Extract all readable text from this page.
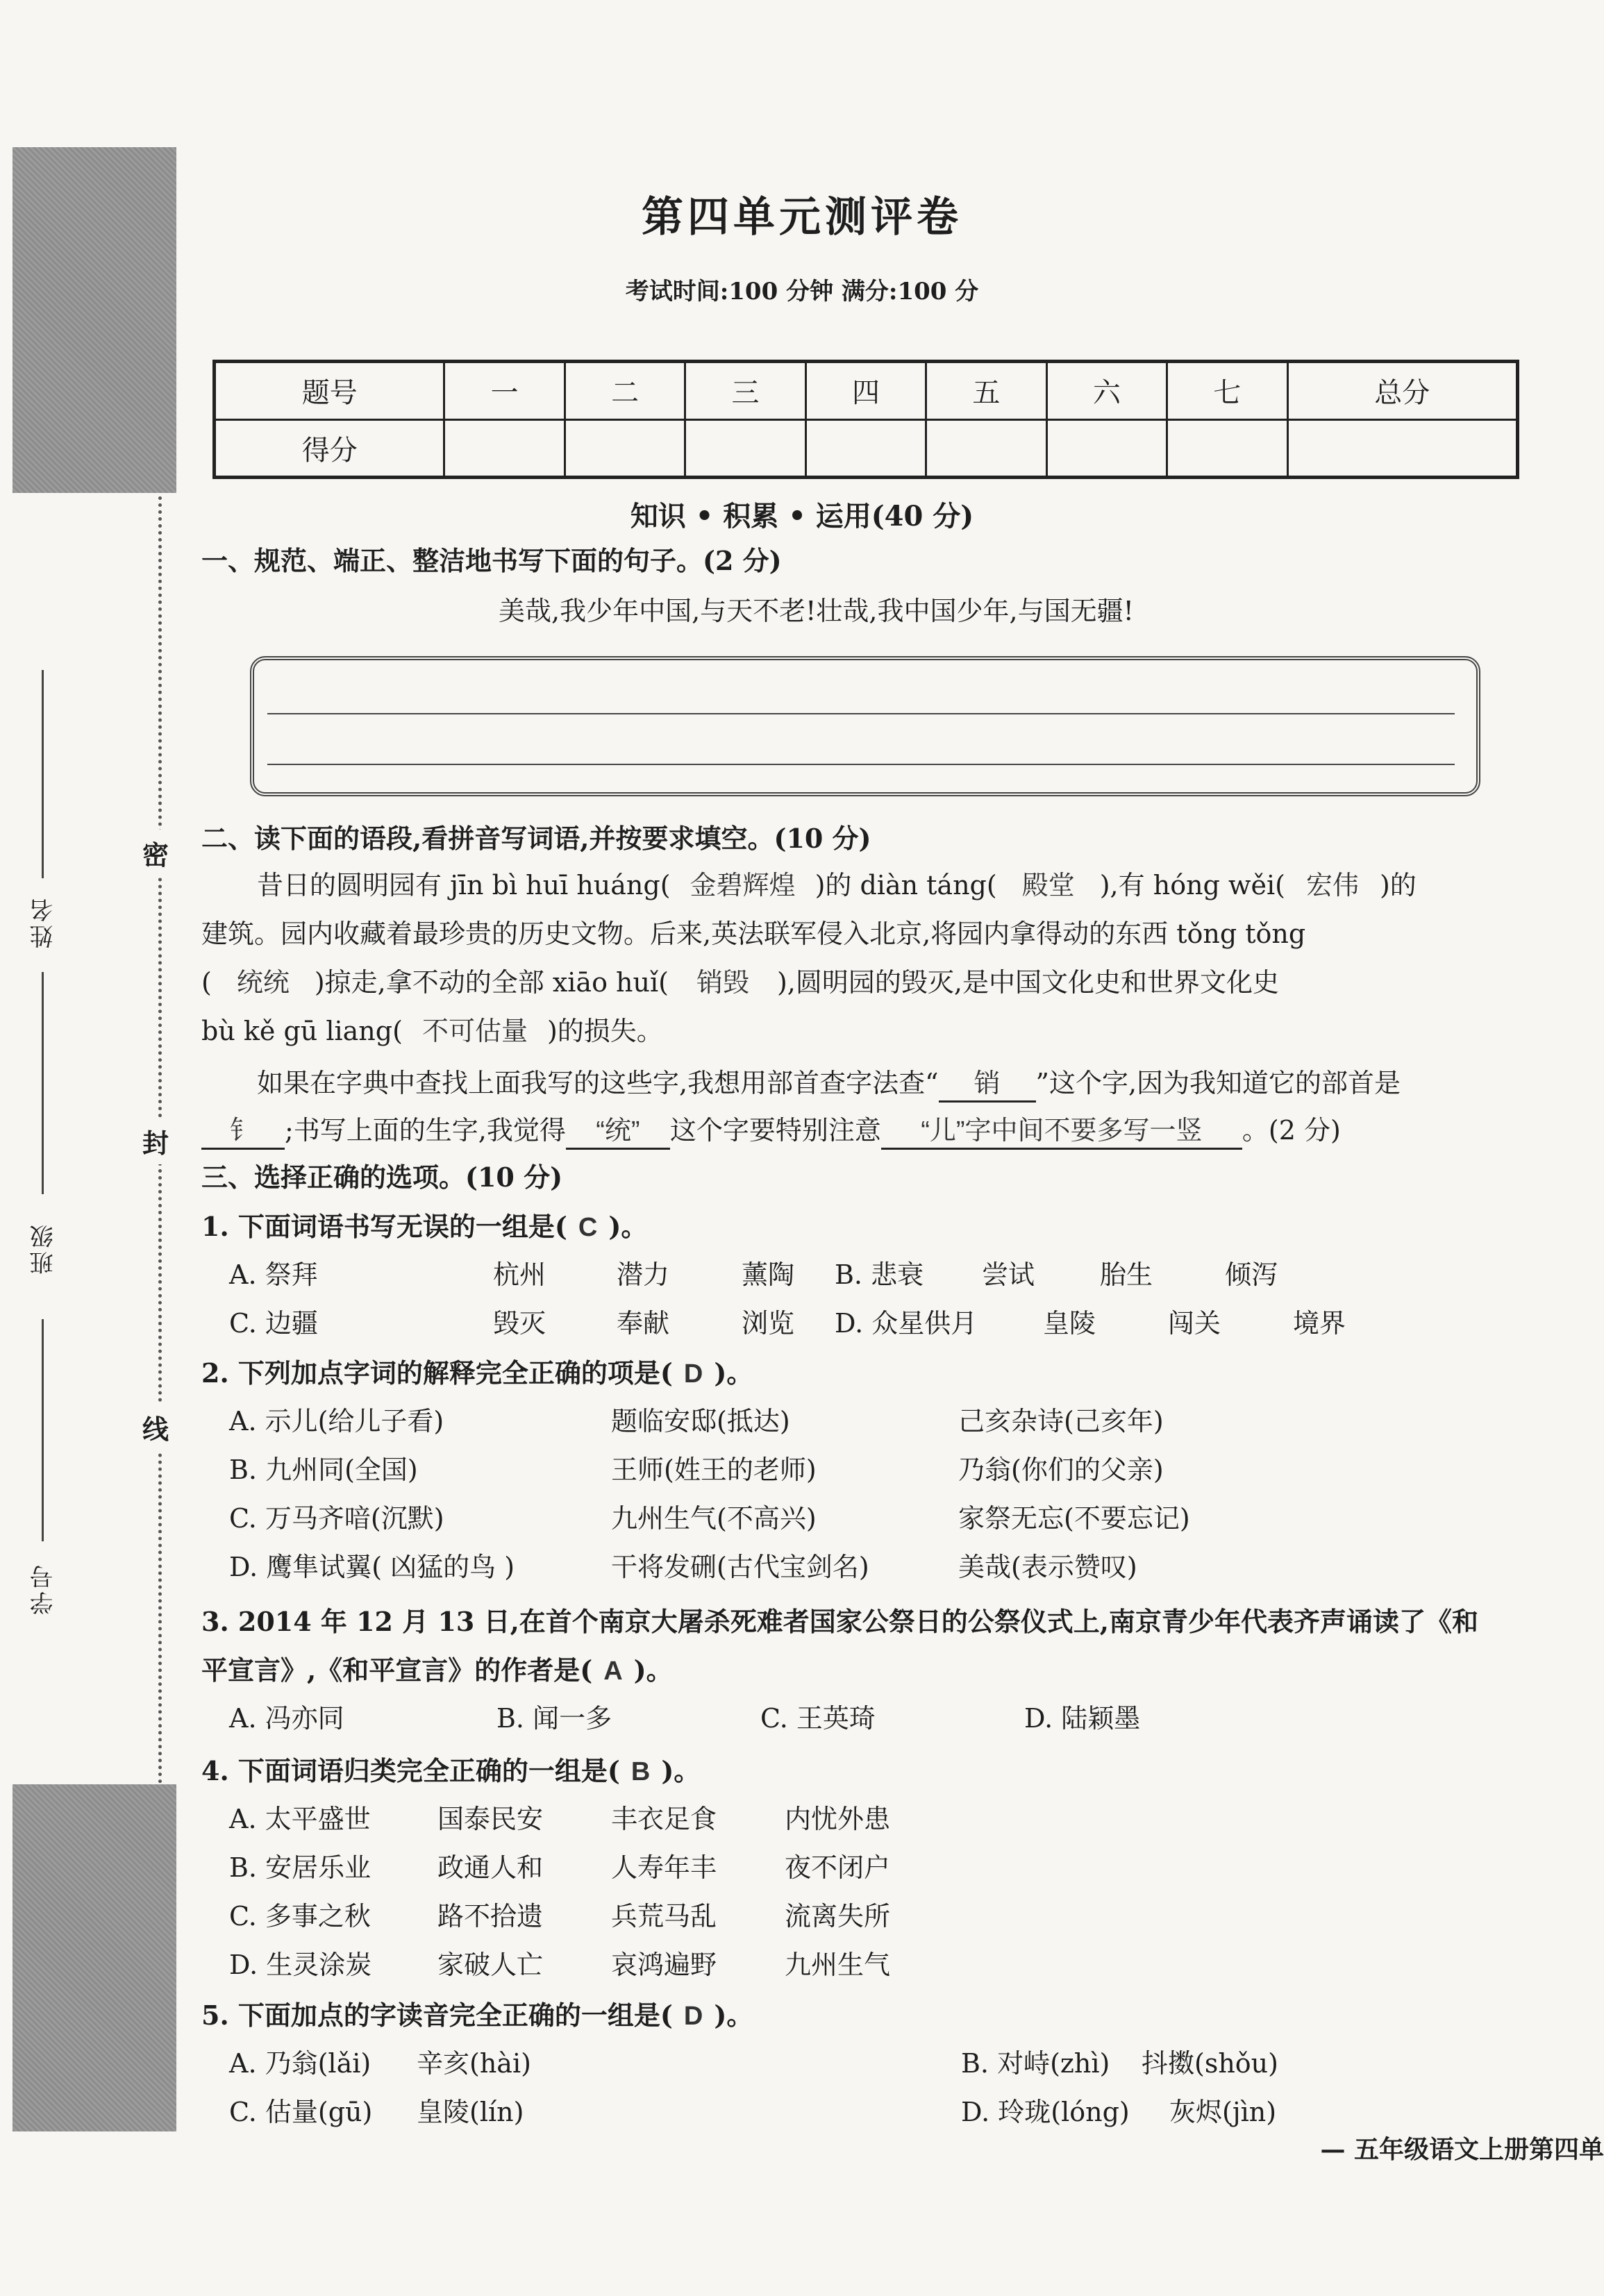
密
封
线
姓名
班级
学号
第四单元测评卷
考试时间:100 分钟 满分:100 分
题号	一	二	三	四	五	六	七	总分
得分								
知识 • 积累 • 运用(40 分)
一、规范、端正、整洁地书写下面的句子。(2 分)
美哉,我少年中国,与天不老!壮哉,我中国少年,与国无疆!
二、读下面的语段,看拼音写词语,并按要求填空。(10 分)
昔日的圆明园有 jīn bì huī huáng( 金碧辉煌 )的 diàn táng( 殿堂 ),有 hóng wěi( 宏伟 )的
建筑。园内收藏着最珍贵的历史文物。后来,英法联军侵入北京,将园内拿得动的东西 tǒng tǒng
( 统统 )掠走,拿不动的全部 xiāo huǐ( 销毁 ),圆明园的毁灭,是中国文化史和世界文化史
bù kě gū liang( 不可估量 )的损失。
如果在字典中查找上面我写的这些字,我想用部首查字法查“ 销 ”这个字,因为我知道它的部首是
钅 ;书写上面的生字,我觉得 “统” 这个字要特别注意 “儿”字中间不要多写一竖 。(2 分)
三、选择正确的选项。(10 分)
1. 下面词语书写无误的一组是( C )。
A. 祭拜	杭州	潜力	薰陶 B. 悲衰 尝试 胎生	倾泻
C. 边疆	毁灭	奉献	浏览 D. 众星供月 皇陵	闯关	境界
2. 下列加点字词的解释完全正确的项是( D )。
A. 示儿(给儿子看)	题临安邸(抵达)	己亥杂诗(己亥年)
B. 九州同(全国)	王师(姓王的老师)	乃翁(你们的父亲)
C. 万马齐喑(沉默)	九州生气(不高兴)	家祭无忘(不要忘记)
D. 鹰隼试翼( 凶猛的鸟 )	干将发硎(古代宝剑名)	美哉(表示赞叹)
3. 2014 年 12 月 13 日,在首个南京大屠杀死难者国家公祭日的公祭仪式上,南京青少年代表齐声诵读了《和
平宣言》,《和平宣言》的作者是( A )。
A. 冯亦同	B. 闻一多	C. 王英琦	D. 陆颖墨
4. 下面词语归类完全正确的一组是( B )。
A. 太平盛世	国泰民安	丰衣足食	内忧外患
B. 安居乐业	政通人和	人寿年丰	夜不闭户
C. 多事之秋	路不拾遗	兵荒马乱	流离失所
D. 生灵涂炭 家破人亡	哀鸿遍野	九州生气
5. 下面加点的字读音完全正确的一组是( D )。
A. 乃翁(lǎi) 辛亥(hài)	B. 对峙(zhì) 抖擞(shǒu)
C. 估量(gū) 皇陵(lín)	D. 玲珑(lóng) 灰烬(jìn)
— 五年级语文上册第四单
